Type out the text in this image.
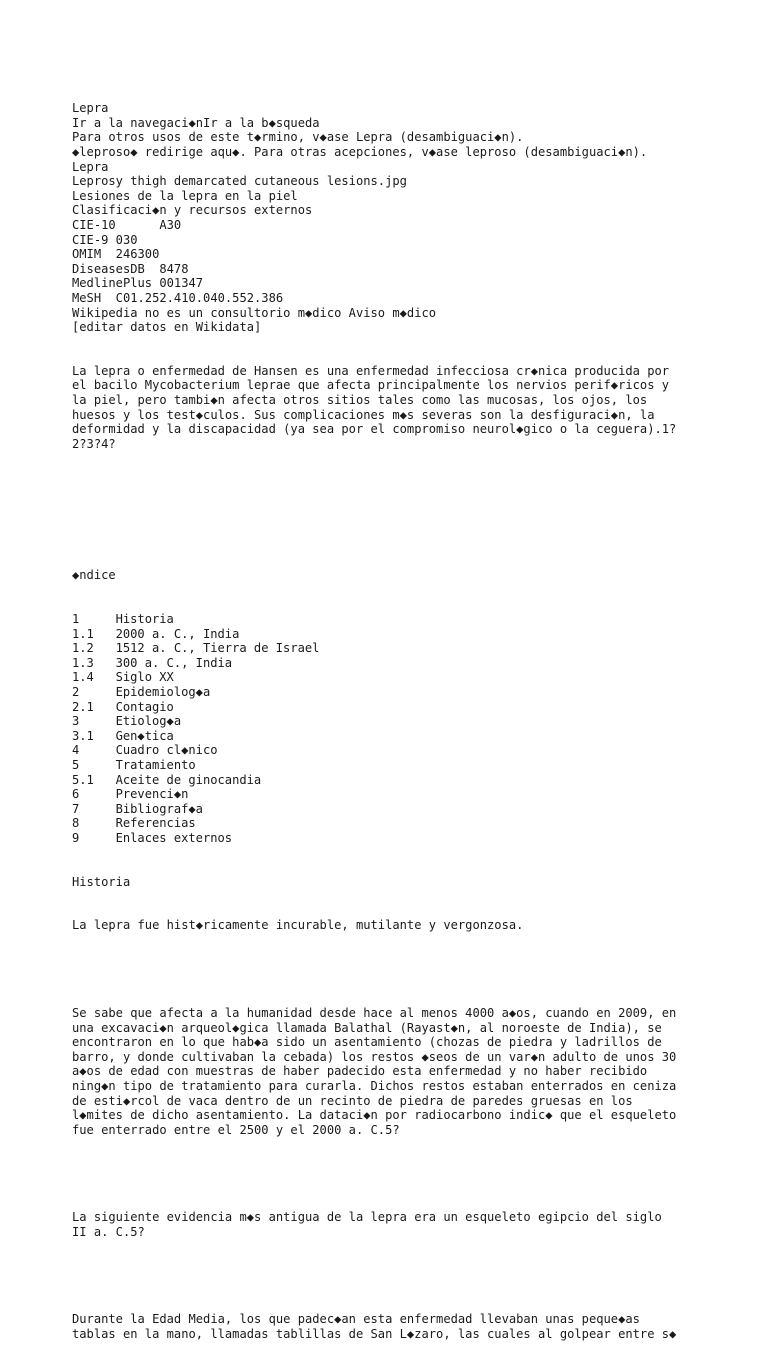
Lepra
Ir a la navegaci◆nIr a la b◆squeda
Para otros usos de este t◆rmino, v◆ase Lepra (desambiguaci◆n).
◆leproso◆ redirige aqu◆. Para otras acepciones, v◆ase leproso (desambiguaci◆n).
Lepra
Leprosy thigh demarcated cutaneous lesions.jpg
Lesiones de la lepra en la piel
Clasificaci◆n y recursos externos
CIE-10      A30
CIE-9 030
OMIM  246300
DiseasesDB  8478
MedlinePlus 001347
MeSH  C01.252.410.040.552.386
Wikipedia no es un consultorio m◆dico Aviso m◆dico
[editar datos en Wikidata]

La lepra o enfermedad de Hansen es una enfermedad infecciosa cr◆nica producida por
el bacilo Mycobacterium leprae que afecta principalmente los nervios perif◆ricos y
la piel, pero tambi◆n afecta otros sitios tales como las mucosas, los ojos, los
huesos y los test◆culos. Sus complicaciones m◆s severas son la desfiguraci◆n, la
deformidad y la discapacidad (ya sea por el compromiso neurol◆gico o la ceguera).1?
2?3?4?

◆ndice

1	Historia
1.1 2000 a. C., India
1.2 1512 a. C., Tierra de Israel
1.3 300 a. C., India
1.4 Siglo XX
2	Epidemiolog◆a
2.1 Contagio
3	Etiolog◆a
3.1 Gen◆tica
4	Cuadro cl◆nico
5	Tratamiento
5.1 Aceite de ginocandia
6	Prevenci◆n
7	Bibliograf◆a
8	Referencias
9	Enlaces externos

Historia

La lepra fue hist◆ricamente incurable, mutilante y vergonzosa.

Se sabe que afecta a la humanidad desde hace al menos 4000 a◆os, cuando en 2009, en
una excavaci◆n arqueol◆gica llamada Balathal (Rayast◆n, al noroeste de India), se
encontraron en lo que hab◆a sido un asentamiento (chozas de piedra y ladrillos de
barro, y donde cultivaban la cebada) los restos ◆seos de un var◆n adulto de unos 30
a◆os de edad con muestras de haber padecido esta enfermedad y no haber recibido
ning◆n tipo de tratamiento para curarla. Dichos restos estaban enterrados en ceniza
de esti◆rcol de vaca dentro de un recinto de piedra de paredes gruesas en los
l◆mites de dicho asentamiento. La dataci◆n por radiocarbono indic◆ que el esqueleto
fue enterrado entre el 2500 y el 2000 a. C.5?

La siguiente evidencia m◆s antigua de la lepra era un esqueleto egipcio del siglo
II a. C.5?

Durante la Edad Media, los que padec◆an esta enfermedad llevaban unas peque◆as
tablas en la mano, llamadas tablillas de San L◆zaro, las cuales al golpear entre s◆
